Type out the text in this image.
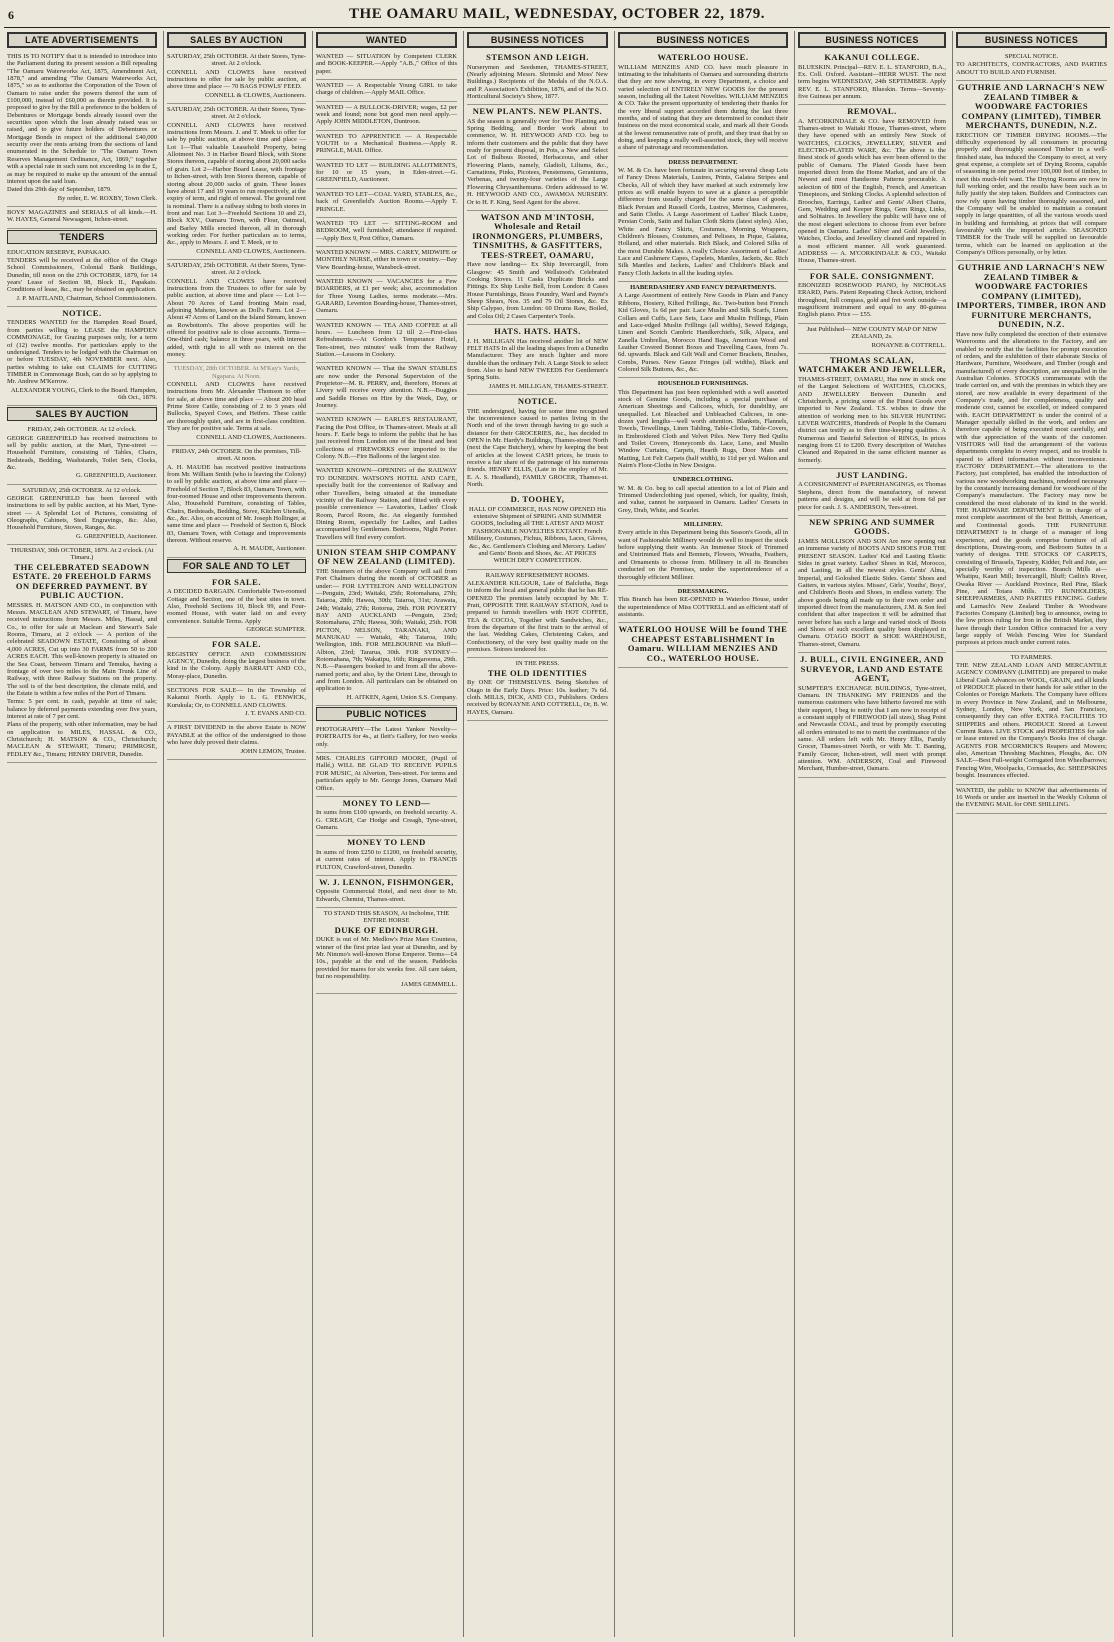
6	THE OAMARU MAIL, WEDNESDAY, OCTOBER 22, 1879.
LATE ADVERTISEMENTS

THIS IS TO NOTIFY that it is intended to introduce into the Parliament during its present session a Bill repealing "The Oamaru Waterworks Act, 1875, Amendment Act, 1878," and amending "The Oamaru Waterworks Act, 1875," so as to authorise the Corporation of the Town of Oamaru to raise under the powers thereof the sum of £100,000, instead of £60,000 as therein provided. It is proposed to give by the Bill a preference to the holders of Debentures or Mortgage bonds already issued over the securities upon which the loan already raised was so raised, and to give future holders of Debentures or Mortgage Bonds in respect of the additional £40,000 security over the rents arising from the sections of land enumerated in the Schedule to "The Oamaru Town Reserves Management Ordinance, Act, 1869," together with a special rate in such sum not exceeding 1s in the £, as may be required to make up the amount of the annual interest upon the said loan.

Dated this 29th day of September, 1879.

By order, E. W. ROXBY, Town Clerk.

BOYS' MAGAZINES and SERIALS of all kinds.—H. W. HAYES, General Newsagent, Itchen-street.

TENDERS

EDUCATION RESERVE, PAPAKAIO.

TENDERS will be received at the office of the Otago School Commissioners, Colonial Bank Buildings, Dunedin, till noon on the 27th OCTOBER, 1879, for 14 years' Lease of Section 98, Block II., Papakaio. Conditions of lease, &c., may be obtained on application.

J. P. MAITLAND, Chairman, School Commissioners.

NOTICE.

TENDERS WANTED for the Hampden Road Board, from parties willing to LEASE the HAMPDEN COMMONAGE, for Grazing purposes only, for a term of (12) twelve months. For particulars apply to the undersigned. Tenders to be lodged with the Chairman on or before TUESDAY, 4th NOVEMBER next. Also, parties wishing to take out CLAIMS for CUTTING TIMBER in Commonage Bush, can do so by applying to Mr. Andrew M'Kerrow.

ALEXANDER YOUNG, Clerk to the Board. Hampden, 6th Oct., 1879.

SALES BY AUCTION

FRIDAY, 24th OCTOBER. At 12 o'clock.

GEORGE GREENFIELD has received instructions to sell by public auction, at the Mart, Tyne-street — Household Furniture, consisting of Tables, Chairs, Bedsteads, Bedding, Washstands, Toilet Sets, Clocks, &c.

G. GREENFIELD, Auctioneer.

SATURDAY, 25th OCTOBER. At 12 o'clock.

GEORGE GREENFIELD has been favored with instructions to sell by public auction, at his Mart, Tyne-street — A Splendid Lot of Pictures, consisting of Oleographs, Cabinets, Steel Engravings, &c. Also, Household Furniture, Stoves, Ranges, &c.

G. GREENFIELD, Auctioneer.

THURSDAY, 30th OCTOBER, 1879. At 2 o'clock. (At Timaru.)

THE CELEBRATED SEADOWN ESTATE. 20 FREEHOLD FARMS ON DEFERRED PAYMENT. BY PUBLIC AUCTION.

MESSRS. H. MATSON AND CO., in conjunction with Messrs. MACLEAN AND STEWART, of Timaru, have received instructions from Messrs. Miles, Hassal, and Co., to offer for sale at Maclean and Stewart's Sale Rooms, Timaru, at 2 o'clock — A portion of the celebrated SEADOWN ESTATE, Consisting of about 4,000 ACRES, Cut up into 30 FARMS from 50 to 200 ACRES EACH. This well-known property is situated on the Sea Coast, between Timaru and Temuka, having a frontage of over two miles to the Main Trunk Line of Railway, with three Railway Stations on the property. The soil is of the best description, the climate mild, and the Estate is within a few miles of the Port of Timaru.

Terms: 5 per cent. in cash, payable at time of sale; balance by deferred payments extending over five years, interest at rate of 7 per cent.

Plans of the property, with other information, may be had on application to MILES, HASSAL & CO., Christchurch; H. MATSON & CO., Christchurch; MACLEAN & STEWART, Timaru; PRIMROSE, FEDLEY &c., Timaru; HENRY DRIVER, Dunedin.

SALES BY AUCTION

SATURDAY, 25th OCTOBER. At their Stores, Tyne-street. At 2 o'clock.

CONNELL AND CLOWES have received instructions to offer for sale by public auction, at above time and place — 70 BAGS FOWLS' FEED.

CONNELL & CLOWES, Auctioneers.

SATURDAY, 25th OCTOBER. At their Stores, Tyne-street. At 2 o'clock.

CONNELL AND CLOWES have received instructions from Messrs. J. and T. Meek to offer for sale by public auction, at above time and place — Lot 1—That valuable Leasehold Property, being Allotment No. 3 in Harbor Board Block, with Stone Stores thereon, capable of storing about 20,000 sacks of grain. Lot 2—Harbor Board Lease, with frontage to Itchen-street, with Iron Stores thereon, capable of storing about 20,000 sacks of grain. These leases have about 17 and 19 years to run respectively, at the expiry of term, and right of renewal. The ground rent is nominal. There is a railway siding to both stores in front and rear. Lot 3—Freehold Sections 10 and 23, Block XXV., Oamaru Town, with Flour, Oatmeal, and Barley Mills erected thereon, all in thorough working order. For further particulars as to terms, &c., apply to Messrs. J. and T. Meek, or to

CONNELL AND CLOWES, Auctioneers.

SATURDAY, 25th OCTOBER. At their Stores, Tyne-street. At 2 o'clock.

CONNELL AND CLOWES have received instructions from the Trustees to offer for sale by public auction, at above time and place — Lot 1—About 70 Acres of Land fronting Main road, adjoining Maheno, known as Doll's Farm. Lot 2—About 47 Acres of Land on the Island Stream, known as Rowbottom's. The above properties will be offered for positive sale to close accounts. Terms—One-third cash; balance in three years, with interest added, with right to all with no interest on the money.

TUESDAY, 28th OCTOBER. At M'Kay's Yards, Ngapara. At Noon.

CONNELL AND CLOWES have received instructions from Mr. Alexander Thomson to offer for sale, at above time and place — About 200 head Prime Store Cattle, consisting of 2 to 3 years old Bullocks, Spayed Cows, and Heifers. These cattle are thoroughly quiet, and are in first-class condition. They are for positive sale. Terms at sale.

CONNELL AND CLOWES, Auctioneers.

FRIDAY, 24th OCTOBER. On the premises, Till-street. At noon.

A. H. MAUDE has received positive instructions from Mr. William Smith (who is leaving the Colony) to sell by public auction, at above time and place — Freehold of Section 7, Block 83, Oamaru Town, with four-roomed House and other improvements thereon. Also, Household Furniture, consisting of Tables, Chairs, Bedsteads, Bedding, Stove, Kitchen Utensils, &c., &c. Also, on account of Mr. Joseph Hollinger, at same time and place — Freehold of Section 6, Block 83, Oamaru Town, with Cottage and improvements thereon. Without reserve.

A. H. MAUDE, Auctioneer.

FOR SALE AND TO LET

FOR SALE.

A DECIDED BARGAIN. Comfortable Two-roomed Cottage and Section, one of the best sites in town. Also, Freehold Sections 10, Block 99, and Four-roomed House, with water laid on and every convenience. Suitable Terms. Apply

GEORGE SUMPTER.

FOR SALE.

REGISTRY OFFICE AND COMMISSION AGENCY, Dunedin, doing the largest business of the kind in the Colony. Apply BARRATT AND CO., Moray-place, Dunedin.

SECTIONS FOR SALE— In the Township of Kakanui North. Apply to L. G. FENWICK, Kurukula; Or, to CONNELL AND CLOWES.

J. T. EVANS AND CO.

A FIRST DIVIDEND in the above Estate is NOW PAYABLE at the office of the undersigned to those who have duly proved their claims.

JOHN LEMON, Trustee.

WANTED

WANTED — SITUATION by Competent CLERK and BOOK-KEEPER.—Apply "A.B.," Office of this paper.

WANTED — A Respectable Young GIRL to take charge of children.—Apply MAIL Office.

WANTED — A BULLOCK-DRIVER; wages, £2 per week and found; none but good men need apply.—Apply JOHN MIDDLETON, Duntroon.

WANTED TO APPRENTICE — A Respectable YOUTH to a Mechanical Business.—Apply R. PRINGLE, MAIL Office.

WANTED TO LET — BUILDING ALLOTMENTS, for 10 or 15 years, in Eden-street.—G. GREENFIELD, Auctioneer.

WANTED TO LET—COAL YARD, STABLES, &c., back of Greenfield's Auction Rooms.—Apply T. PRINGLE.

WANTED TO LET — SITTING-ROOM and BEDROOM, well furnished; attendance if required.—Apply Box 9, Post Office, Oamaru.

WANTED KNOWN — MRS. CAREY, MIDWIFE or MONTHLY NURSE, either in town or country.—Bay View Boarding-house, Wansbeck-street.

WANTED KNOWN — VACANCIES for a Few BOARDERS, at £1 per week; also, accommodation for Three Young Ladies, terms moderate.—Mrs. GARARD, Leventon Boarding-house, Thames-street, Oamaru.

WANTED KNOWN — TEA AND COFFEE at all hours. — Luncheon from 12 till 2.—First-class Refreshments.—At Gordon's Temperance Hotel, Tees-street, two minutes' walk from the Railway Station.—Lessons in Cookery.

WANTED KNOWN — That the SWAN STABLES are now under the Personal Supervision of the Proprietor—M. R. PERRY, and, therefore, Horses at Livery will receive every attention. N.B.—Buggies and Saddle Horses on Hire by the Week, Day, or Journey.

WANTED KNOWN — EARLE'S RESTAURANT, Facing the Post Office, in Thames-street. Meals at all hours. F. Earle begs to inform the public that he has just received from London one of the finest and best collections of FIREWORKS ever imported to the Colony. N.B.—Fire Balloons of the largest size.

WANTED KNOWN—OPENING of the RAILWAY TO DUNEDIN. WATSON'S HOTEL AND CAFE, specially built for the convenience of Railway and other Travellers, being situated at the immediate vicinity of the Railway Station, and fitted with every possible convenience — Lavatories, Ladies' Cloak Room, Parcel Room, &c. An elegantly furnished Dining Room, especially for Ladies, and Ladies accompanied by Gentlemen. Bedrooms, Night Porter. Travellers will find every comfort.

UNION STEAM SHIP COMPANY OF NEW ZEALAND (LIMITED).

THE Steamers of the above Company will sail from Port Chalmers during the month of OCTOBER as under:— FOR LYTTELTON AND WELLINGTON —Penguin, 23rd; Waitaki, 25th; Rotomahana, 27th; Taiaroa, 28th; Hawea, 30th; Taiaroa, 31st; Arawata, 24th; Waitaki, 27th; Rotorua, 29th. FOR POVERTY BAY AND AUCKLAND —Penguin, 23rd; Rotomahana, 27th; Hawea, 30th; Waitaki, 25th. FOR PICTON, NELSON, TARANAKI, AND MANUKAU — Waitaki, 4th; Taiaroa, 16th; Wellington, 18th. FOR MELBOURNE via Bluff—Albion, 23rd; Tararua, 30th. FOR SYDNEY—Rotomahana, 7th; Wakatipu, 16th; Ringarooma, 29th. N.B.—Passengers booked to and from all the above-named ports; and also, by the Orient Line, through to and from London. All particulars can be obtained on application to

H. AITKEN, Agent, Union S.S. Company.

PUBLIC NOTICES

PHOTOGRAPHY—The Latest Yankee Novelty—PORTRAITS for 4s., at Ilett's Gallery, for two weeks only.

MRS. CHARLES GIFFORD MOORE, (Pupil of Hallé,) WILL BE GLAD TO RECEIVE PUPILS FOR MUSIC, At Alverton, Tees-street. For terms and particulars apply to Mr. George Jones, Oamaru Mail Office.

MONEY TO LEND—

In sums from £100 upwards, on freehold security. A. G. CREAGH, Car Hodge and Creagh, Tyne-street, Oamaru.

MONEY TO LEND

In sums of from £250 to £1200, on freehold security, at current rates of interest. Apply to FRANCIS FULTON, Crawford-street, Dunedin.

W. J. LENNON, FISHMONGER,

Opposite Commercial Hotel, and next door to Mr. Edwards, Chemist, Thames-street.

TO STAND THIS SEASON, At Incholme, THE ENTIRE HORSE

DUKE OF EDINBURGH.

DUKE is out of Mr. Medlow's Prize Mare Countess, winner of the first prize last year at Dunedin, and by Mr. Nimmo's well-known Horse Emperor. Terms—£4 10s., payable at the end of the season. Paddocks provided for mares for six weeks free. All care taken, but no responsibility.

JAMES GEMMELL.

BUSINESS NOTICES

STEMSON AND LEIGH.

Nurserymen and Seedsmen, THAMES-STREET, (Nearly adjoining Messrs. Shrimski and Moss' New Buildings.) Recipients of the Medals of the N.O.A. and P. Association's Exhibition, 1876, and of the N.O. Horticultural Society's Show, 1877.

NEW PLANTS. NEW PLANTS.

AS the season is generally over for Tree Planting and Spring Bedding, and Border work about to commence, W. H. HEYWOOD AND CO. beg to inform their customers and the public that they have ready for present disposal, in Pots, a New and Select Lot of Bulbous Rooted, Herbaceous, and other Flowering Plants, namely, Gladioli, Liliums, &c., Carnations, Pinks, Picotees, Penstemons, Geraniums, Verbenas, and twenty-four varieties of the Large Flowering Chrysanthemums. Orders addressed to W. H. HEYWOOD AND CO., AWAMOA NURSERY. Or to H. F. King, Seed Agent for the above.

WATSON AND M'INTOSH, Wholesale and Retail IRONMONGERS, PLUMBERS, TINSMITHS, & GASFITTERS, TEES-STREET, OAMARU,

Have now landing— Ex Ship Invercargill, from Glasgow: 45 Smith and Wellstood's Celebrated Cooking Stoves. 11 Casks Duplicate Bricks and Fittings. Ex Ship Leslie Bell, from London: 8 Cases House Furnishings, Brass Foundry, Ward and Payne's Sheep Shears, Nos. 35 and 79 Oil Stones, &c. Ex Ship Calypso, from London: 60 Drums Raw, Boiled, and Colza Oil; 2 Cases Carpenter's Tools.

HATS. HATS. HATS.

J. H. MILLIGAN Has received another lot of NEW FELT HATS In all the leading shapes from a Dunedin Manufacturer. They are much lighter and more durable than the ordinary Felt. A Large Stock to select from. Also to hand NEW TWEEDS For Gentlemen's Spring Suits.

JAMES H. MILLIGAN, THAMES-STREET.

NOTICE.

THE undersigned, having for some time recognised the inconvenience caused to parties living in the North end of the town through having to go such a distance for their GROCERIES, &c., has decided to OPEN in Mr. Hardy's Buildings, Thames-street North (next the Cape Butchery), where by keeping the best of articles at the lowest CASH prices, he trusts to receive a fair share of the patronage of his numerous friends. HENRY ELLIS, (Late in the employ of Mr. E. A. S. Headland), FAMILY GROCER, Thames-st. North.

D. TOOHEY,

HALL OF COMMERCE, HAS NOW OPENED His extensive Shipment of SPRING AND SUMMER GOODS, Including all THE LATEST AND MOST FASHIONABLE NOVELTIES EXTANT. French Millinery, Costumes, Fichus, Ribbons, Laces, Gloves, &c., &c. Gentlemen's Clothing and Mercery. Ladies' and Gents' Boots and Shoes, &c. AT PRICES WHICH DEFY COMPETITION.

RAILWAY REFRESHMENT ROOMS.

ALEXANDER KILGOUR, Late of Balclutha, Begs to inform the local and general public that he has RE-OPENED The premises lately occupied by Mr. T. Pratt, OPPOSITE THE RAILWAY STATION, And is prepared to furnish travellers with HOT COFFEE, TEA & COCOA, Together with Sandwiches, &c., from the departure of the first train to the arrival of the last. Wedding Cakes, Christening Cakes, and Confectionery, of the very best quality made on the premises. Soirees tendered for.

IN THE PRESS.

THE OLD IDENTITIES

By ONE OF THEMSELVES. Being Sketches of Otago in the Early Days. Price: 10s. leather; 7s 6d. cloth. MILLS, DICK, AND CO., Publishers. Orders received by RONAYNE AND COTTRELL, Or, B. W. HAYES, Oamaru.

BUSINESS NOTICES

WATERLOO HOUSE.

WILLIAM MENZIES AND CO. have much pleasure in intimating to the inhabitants of Oamaru and surrounding districts that they are now showing, in every Department, a choice and varied selection of ENTIRELY NEW GOODS for the present season, including all the Latest Novelties. WILLIAM MENZIES & CO. Take the present opportunity of tendering their thanks for the very liberal support accorded them during the last three months, and of stating that they are determined to conduct their business on the most economical scale, and mark all their Goods at the lowest remunerative rate of profit, and they trust that by so doing, and keeping a really well-assorted stock, they will receive a share of patronage and recommendation.

DRESS DEPARTMENT.

W. M. & Co. have been fortunate in securing several cheap Lots of Fancy Dress Materials, Lustres, Prints, Galatea Stripes and Checks, All of which they have marked at such extremely low prices as will enable buyers to save at a glance a perceptible difference from usually charged for the same class of goods. Black Persian and Russell Cords, Lustres, Merinos, Cashmeres, and Satin Cloths. A Large Assortment of Ladies' Black Lustre, Persian Cords, Satin and Italian Cloth Skirts (latest styles). Also, White and Fancy Skirts, Costumes, Morning Wrappers, Children's Blouses, Costumes, and Pelisses, in Pique, Galatea, Holland, and other materials. Rich Black, and Colored Silks of the most Durable Makes. A really Choice Assortment of Ladies' Lace and Cashmere Capes, Capelets, Mantles, Jackets, &c. Rich Silk Mantles and Jackets, Ladies' and Children's Black and Fancy Cloth Jackets in all the leading styles.

HABERDASHERY AND FANCY DEPARTMENTS.

A Large Assortment of entirely New Goods in Plain and Fancy Ribbons, Hosiery, Kilted Frillings, &c. Two-button best French Kid Gloves, 1s 6d per pair. Lace Muslin and Silk Scarfs, Linen Collars and Cuffs, Lace Sets, Lace and Muslin Frillings, Plain and Lace-edged Muslin Frillings (all widths), Sewed Edgings, Linen and Scotch Cambric Handkerchiefs, Silk, Alpaca, and Zanella Umbrellas, Morocco Hand Bags, American Wood and Leather Covered Bonnet Boxes and Travelling Cases, from 7s. 6d. upwards. Black and Gilt Wall and Corner Brackets, Brushes, Combs, Purses. New Gauze Fringes (all widths), Black and Colored Silk Buttons, &c., &c.

HOUSEHOLD FURNISHINGS.

This Department has just been replenished with a well assorted stock of Genuine Goods, including a special purchase of American Sheetings and Calicoes, which, for durability, are unequalled. Lot Bleached and Unbleached Calicoes, in one-dozen yard lengths—well worth attention. Blankets, Flannels, Towels, Towellings, Linen Tabling, Table-Cloths, Table-Covers, in Embroidered Cloth and Velvet Piles. New Terry Bed Quilts and Toilet Covers, Honeycomb do. Lace, Leno, and Muslin Window Curtains, Carpets, Hearth Rugs, Door Mats and Matting, Lot Felt Carpets (half width), to 11d per yd. Walton and Nairn's Floor-Cloths in New Designs.

UNDERCLOTHING.

W. M. & Co. beg to call special attention to a lot of Plain and Trimmed Underclothing just opened, which, for quality, finish, and value, cannot be surpassed in Oamaru. Ladies' Corsets in Grey, Drab, White, and Scarlet.

MILLINERY.

Every article in this Department being this Season's Goods, all in want of Fashionable Millinery would do well to inspect the stock before supplying their wants. An Immense Stock of Trimmed and Untrimmed Hats and Bonnets, Flowers, Wreaths, Feathers, and Ornaments to choose from. Millinery in all its Branches conducted on the Premises, under the superintendence of a thoroughly efficient Milliner.

DRESSMAKING.

This Branch has been RE-OPENED in Waterloo House, under the superintendence of Miss COTTRELL and an efficient staff of assistants.

WATERLOO HOUSE Will be found THE CHEAPEST ESTABLISHMENT In Oamaru. WILLIAM MENZIES AND CO., WATERLOO HOUSE.

BUSINESS NOTICES

KAKANUI COLLEGE.

BLUESKIN. Principal—REV. E. L. STANFORD, B.A., Ex. Coll. Oxford. Assistant—HERR WUST. The next term begins WEDNESDAY, 24th SEPTEMBER. Apply REV. E. L. STANFORD, Blueskin. Terms—Seventy-five Guineas per annum.

REMOVAL.

A. M'CORKINDALE & CO. have REMOVED from Thames-street to Waitaki House, Thames-street, where they have opened with an entirely New Stock of WATCHES, CLOCKS, JEWELLERY, SILVER and ELECTRO-PLATED WARE, &c. The above is the finest stock of goods which has ever been offered to the public of Oamaru. The Plated Goods have been imported direct from the Home Market, and are of the Newest and most Handsome Patterns procurable. A selection of 800 of the English, French, and American Timepieces, and Striking Clocks. A splendid selection of Brooches, Earrings, Ladies' and Gents' Albert Chains, Gem, Wedding and Keeper Rings, Gem Rings, Links, and Solitaires. In Jewellery the public will have one of the most elegant selections to choose from ever before opened in Oamaru. Ladies' Silver and Gold Jewellery. Watches, Clocks, and Jewellery cleaned and repaired in a most efficient manner. All work guaranteed. ADDRESS — A. M'CORKINDALE & CO., Waitaki House, Thames-street.

FOR SALE. CONSIGNMENT.

EBONIZED ROSEWOOD PIANO, by NICHOLAS ERARD, Paris. Patent Repeating Check Action, trichord throughout, full compass, gold and fret work outside—a magnificent instrument and equal to any 80-guinea English piano. Price — £55.

Just Published— NEW COUNTY MAP OF NEW ZEALAND, 2s.

RONAYNE & COTTRELL.

THOMAS SCALAN, WATCHMAKER AND JEWELLER,

THAMES-STREET, OAMARU, Has now in stock one of the Largest Selections of WATCHES, CLOCKS, AND JEWELLERY Between Dunedin and Christchurch, a pricing some of the Finest Goods ever imported to New Zealand. T.S. wishes to draw the attention of working men to his SILVER HUNTING LEVER WATCHES, Hundreds of People In the Oamaru district can testify as to their time-keeping qualities. A Numerous and Tasteful Selection of RINGS, In prices ranging from £1 to £200. Every description of Watches Cleaned and Repaired in the same efficient manner as formerly.

JUST LANDING.

A CONSIGNMENT of PAPERHANGINGS, ex Thomas Stephens, direct from the manufactory, of newest patterns and designs, and will be sold at from 6d per piece for cash. J. S. ANDERSON, Tees-street.

NEW SPRING AND SUMMER GOODS.

JAMES MOLLISON AND SON Are now opening out an immense variety of BOOTS AND SHOES FOR THE PRESENT SEASON. Ladies' Kid and Lasting Elastic Sides in great variety. Ladies' Shoes in Kid, Morocco, and Lasting, in all the newest styles. Gents' Alma, Imperial, and Goloshed Elastic Sides. Gents' Shoes and Gaiters, in various styles. Misses', Girls', Youths', Boys', and Children's Boots and Shoes, in endless variety. The above goods being all made up to their own order and imported direct from the manufacturers, J.M. & Son feel confident that after inspection it will be admitted that never before has such a large and varied stock of Boots and Shoes of such excellent quality been displayed in Oamaru. OTAGO BOOT & SHOE WAREHOUSE, Thames-street, Oamaru.

J. BULL, CIVIL ENGINEER, AND SURVEYOR, LAND AND ESTATE AGENT,

SUMPTER'S EXCHANGE BUILDINGS, Tyne-street, Oamaru. IN THANKING MY FRIENDS and the numerous customers who have hitherto favored me with their support, I beg to notify that I am now in receipt of a constant supply of FIREWOOD (all sizes), Shag Point and Newcastle COAL, and trust by promptly executing all orders entrusted to me to merit the continuance of the same. All orders left with Mr. Henry Ellis, Family Grocer, Thames-street North, or with Mr. T. Banting, Family Grocer, Itchen-street, will meet with prompt attention. WM. ANDERSON, Coal and Firewood Merchant, Humber-street, Oamaru.

BUSINESS NOTICES

SPECIAL NOTICE.

TO ARCHITECTS, CONTRACTORS, AND PARTIES ABOUT TO BUILD AND FURNISH.

GUTHRIE AND LARNACH'S NEW ZEALAND TIMBER & WOODWARE FACTORIES COMPANY (LIMITED), TIMBER MERCHANTS, DUNEDIN, N.Z.

ERECTION OF TIMBER DRYING ROOMS.—The difficulty experienced by all consumers in procuring properly and thoroughly seasoned Timber in a well-finished state, has induced the Company to erect, at very great expense, a complete set of Drying Rooms, capable of seasoning in one period over 100,000 feet of timber, to meet this much-felt want. The Drying Rooms are now in full working order, and the results have been such as to fully justify the step taken. Builders and Contractors can now rely upon having timber thoroughly seasoned, and the Company will be enabled to maintain a constant supply in large quantities, of all the various woods used in building and furnishing, at prices that will compare favourably with the imported article. SEASONED TIMBER for the Trade will be supplied on favourable terms, which can be learned on application at the Company's Offices personally, or by letter.

GUTHRIE AND LARNACH'S NEW ZEALAND TIMBER & WOODWARE FACTORIES COMPANY (LIMITED), IMPORTERS, TIMBER, IRON AND FURNITURE MERCHANTS, DUNEDIN, N.Z.

Have now fully completed the erection of their extensive Warerooms and the alterations to the Factory, and are enabled to notify that the facilities for prompt execution of orders, and the exhibition of their elaborate Stocks of Hardware, Furniture, Woodware, and Timber (rough and manufactured) of every description, are unequalled in the Australian Colonies. STOCKS commensurate with the trade carried on, and with the premises in which they are stored, are now available in every department of the Company's trade, and for completeness, quality and moderate cost, cannot be excelled, or indeed compared with. EACH DEPARTMENT is under the control of a Manager specially skilled in the work, and orders are therefore capable of being executed most carefully, and with due appreciation of the wants of the customer. VISITORS will find the arrangement of the various departments complete in every respect, and no trouble is spared to afford information without inconvenience. FACTORY DEPARTMENT.—The alterations to the Factory, just completed, has enabled the introduction of various new woodworking machines, rendered necessary by the constantly increasing demand for woodware of the Company's manufacture. The Factory may now be considered the most elaborate of its kind in the world. THE HARDWARE DEPARTMENT is in charge of a most complete assortment of the best British, American, and Continental goods. THE FURNITURE DEPARTMENT is in charge of a manager of long experience, and the goods comprise furniture of all descriptions, Drawing-room, and Bedroom Suites in a variety of designs. THE STOCKS OF CARPETS, consisting of Brussels, Tapestry, Kidder, Felt and Jute, are specially worthy of inspection. Branch Mills at— Whatipu, Kauri Mill; Invercargill, Bluff; Catlin's River, Owaka River — Auckland Province, Red Pine, Black Pine, and Totara Mills. TO RUNHOLDERS, SHEEPFARMERS, AND PARTIES FENCING. Guthrie and Larnach's New Zealand Timber & Woodware Factories Company (Limited) beg to announce, owing to the low prices ruling for Iron in the British Market, they have through their London Office contracted for a very large supply of Welsh Fencing Wire for Standard purposes at prices much under current rates.

TO FARMERS.

THE NEW ZEALAND LOAN AND MERCANTILE AGENCY COMPANY (LIMITED) are prepared to make Liberal Cash Advances on WOOL, GRAIN, and all kinds of PRODUCE placed in their hands for sale either in the Colonies or Foreign Markets. The Company have offices in every Province in New Zealand, and in Melbourne, Sydney, London, New York, and San Francisco, consequently they can offer EXTRA FACILITIES TO SHIPPERS and others. PRODUCE Stored at Lowest Current Rates. LIVE STOCK and PROPERTIES for sale or lease entered on the Company's Books free of charge. AGENTS FOR M'CORMICK'S Reapers and Mowers; also, American Threshing Machines, Ploughs, &c. ON SALE—Best Full-weight Corrugated Iron Wheelbarrows; Fencing Wire, Woolpacks, Cornsacks, &c. SHEEPSKINS bought. Insurances effected.

WANTED, the public to KNOW that advertisements of 16 Words or under are inserted in the Weekly Column of the EVENING MAIL for ONE SHILLING.
